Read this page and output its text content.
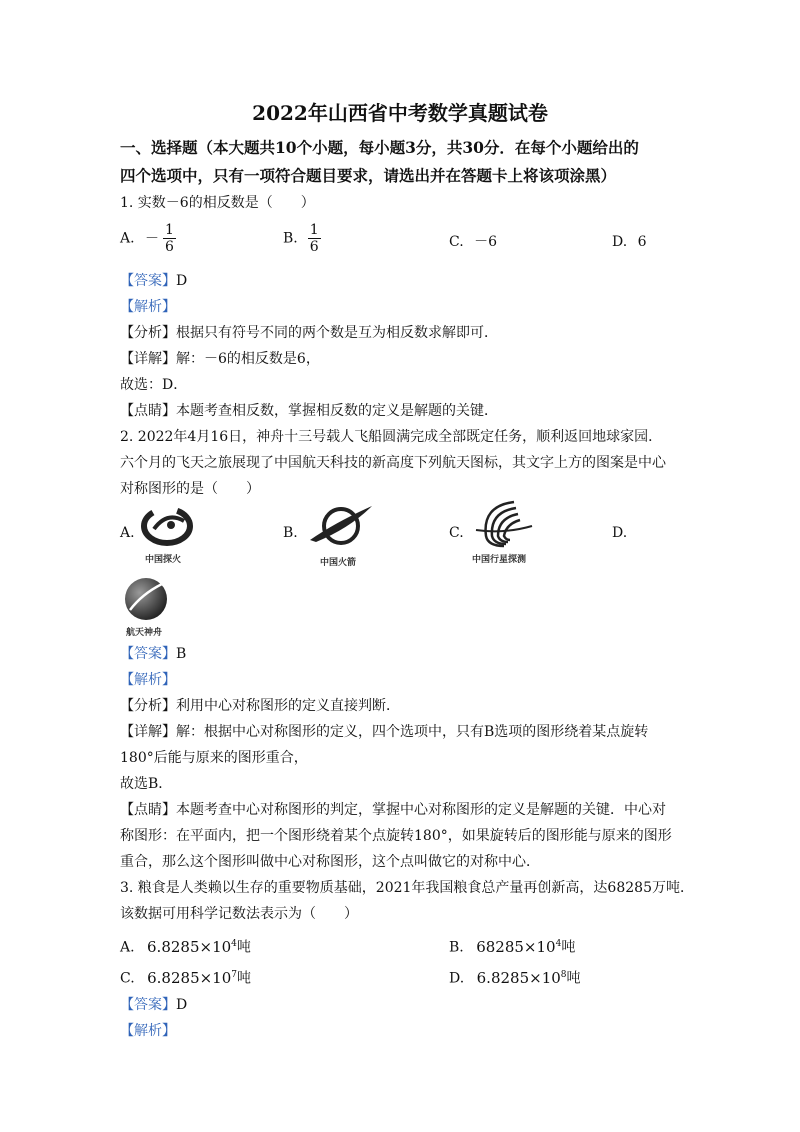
2022年山西省中考数学真题试卷
一、选择题（本大题共10个小题，每小题3分，共30分．在每个小题给出的
四个选项中，只有一项符合题目要求，请选出并在答题卡上将该项涂黑）
1. 实数－6的相反数是（　　）
A. － $\frac{1}{6}$	B. $\frac{1}{6}$	C. －6	D. 6
【答案】D
【解析】
【分析】根据只有符号不同的两个数是互为相反数求解即可．
【详解】解：－6的相反数是6，
故选：D．
【点睛】本题考查相反数，掌握相反数的定义是解题的关键．
2. 2022年4月16日，神舟十三号载人飞船圆满完成全部既定任务，顺利返回地球家园．
六个月的飞天之旅展现了中国航天科技的新高度下列航天图标，其文字上方的图案是中心
对称图形的是（　　）
A.
中国探火
B.
中国火箭
C.
中国行星探测
D.
航天神舟
【答案】B
【解析】
【分析】利用中心对称图形的定义直接判断．
【详解】解：根据中心对称图形的定义，四个选项中，只有B选项的图形绕着某点旋转
180°后能与原来的图形重合，
故选B．
【点睛】本题考查中心对称图形的判定，掌握中心对称图形的定义是解题的关键．中心对
称图形：在平面内，把一个图形绕着某个点旋转180°，如果旋转后的图形能与原来的图形
重合，那么这个图形叫做中心对称图形，这个点叫做它的对称中心．
3. 粮食是人类赖以生存的重要物质基础，2021年我国粮食总产量再创新高，达68285万吨．
该数据可用科学记数法表示为（　　）
A. $6.8285\times 10^4$吨	B. $68285\times 10^4$吨
C. $6.8285\times 10^7$吨	D. $6.8285\times 10^8$吨
【答案】D
【解析】
